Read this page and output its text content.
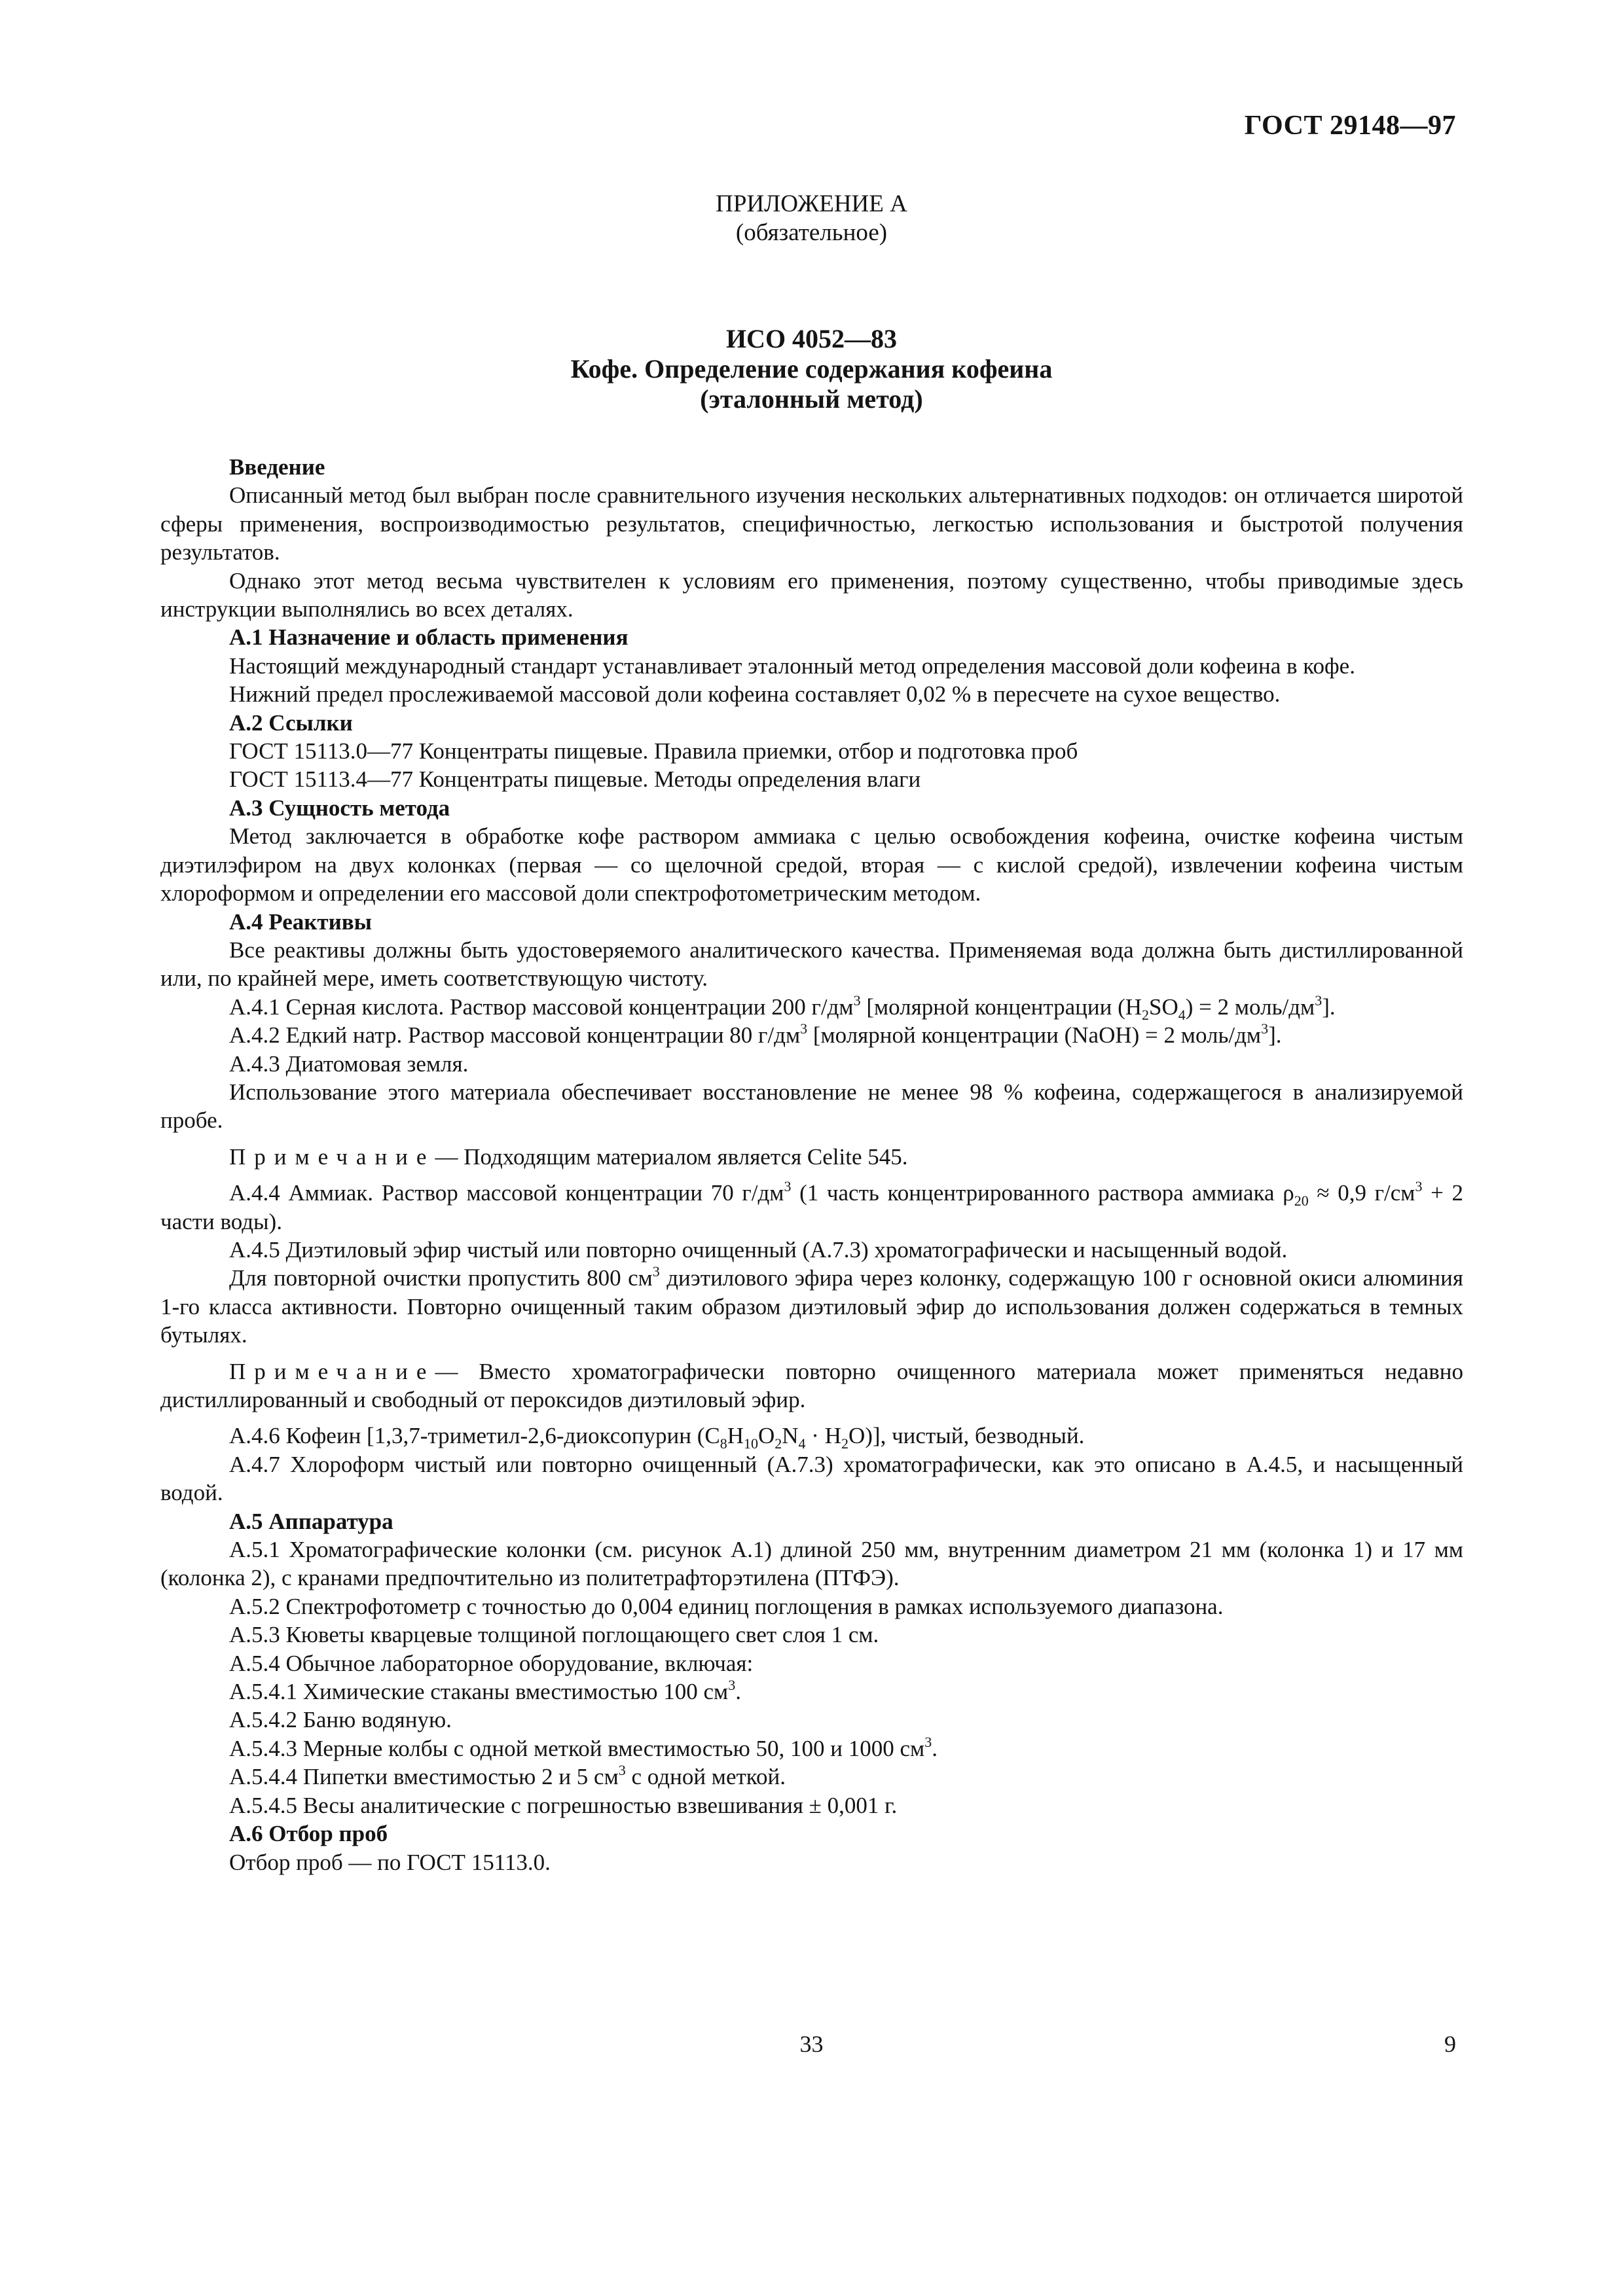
ГОСТ 29148—97
ПРИЛОЖЕНИЕ А
(обязательное)
ИСО 4052—83
Кофе. Определение содержания кофеина
(эталонный метод)

Введение

Описанный метод был выбран после сравнительного изучения нескольких альтернативных подходов: он отличается широтой сферы применения, воспроизводимостью результатов, специфичностью, легкостью использования и быстротой получения результатов.

Однако этот метод весьма чувствителен к условиям его применения, поэтому существенно, чтобы приводимые здесь инструкции выполнялись во всех деталях.

А.1 Назначение и область применения

Настоящий международный стандарт устанавливает эталонный метод определения массовой доли кофеина в кофе.

Нижний предел прослеживаемой массовой доли кофеина составляет 0,02 % в пересчете на сухое вещество.

А.2 Ссылки

ГОСТ 15113.0—77 Концентраты пищевые. Правила приемки, отбор и подготовка проб

ГОСТ 15113.4—77 Концентраты пищевые. Методы определения влаги

А.3 Сущность метода

Метод заключается в обработке кофе раствором аммиака с целью освобождения кофеина, очистке кофеина чистым диэтилэфиром на двух колонках (первая — со щелочной средой, вторая — с кислой средой), извлечении кофеина чистым хлороформом и определении его массовой доли спектрофотометрическим методом.

А.4 Реактивы

Все реактивы должны быть удостоверяемого аналитического качества. Применяемая вода должна быть дистиллированной или, по крайней мере, иметь соответствующую чистоту.

А.4.1 Серная кислота. Раствор массовой концентрации 200 $г/дм^3$ [молярной концентрации $(H_2SO_4) = 2$ моль/$дм^3$].

А.4.2 Едкий натр. Раствор массовой концентрации 80 $г/дм^3$ [молярной концентрации (NaOH) = 2 моль/$дм^3$].

А.4.3 Диатомовая земля.

Использование этого материала обеспечивает восстановление не менее 98 % кофеина, содержащегося в анализируемой пробе.

Примечание— Подходящим материалом является Celite 545.

А.4.4 Аммиак. Раствор массовой концентрации 70 $г/дм^3$ (1 часть концентрированного раствора аммиака $\rho_{20} \approx 0,9$ $г/см^3 + 2$ части воды).

А.4.5 Диэтиловый эфир чистый или повторно очищенный (А.7.3) хроматографически и насыщенный водой.

Для повторной очистки пропустить 800 $см^3$ диэтилового эфира через колонку, содержащую 100 г основной окиси алюминия 1-го класса активности. Повторно очищенный таким образом диэтиловый эфир до использования должен содержаться в темных бутылях.

Примечание— Вместо хроматографически повторно очищенного материала может применяться недавно дистиллированный и свободный от пероксидов диэтиловый эфир.

А.4.6 Кофеин [1,3,7-триметил-2,6-диоксопурин $(C_8H_{10}O_2N_4 \cdot H_2O)$], чистый, безводный.

А.4.7 Хлороформ чистый или повторно очищенный (А.7.3) хроматографически, как это описано в А.4.5, и насыщенный водой.

А.5 Аппаратура

А.5.1 Хроматографические колонки (см. рисунок А.1) длиной 250 мм, внутренним диаметром 21 мм (колонка 1) и 17 мм (колонка 2), с кранами предпочтительно из политетрафторэтилена (ПТФЭ).

А.5.2 Спектрофотометр с точностью до 0,004 единиц поглощения в рамках используемого диапазона.

А.5.3 Кюветы кварцевые толщиной поглощающего свет слоя 1 см.

А.5.4 Обычное лабораторное оборудование, включая:

А.5.4.1 Химические стаканы вместимостью 100 $см^3$.

А.5.4.2 Баню водяную.

А.5.4.3 Мерные колбы с одной меткой вместимостью 50, 100 и 1000 $см^3$.

А.5.4.4 Пипетки вместимостью 2 и 5 $см^3$ с одной меткой.

А.5.4.5 Весы аналитические с погрешностью взвешивания ± 0,001 г.

А.6 Отбор проб

Отбор проб — по ГОСТ 15113.0.

33	9
